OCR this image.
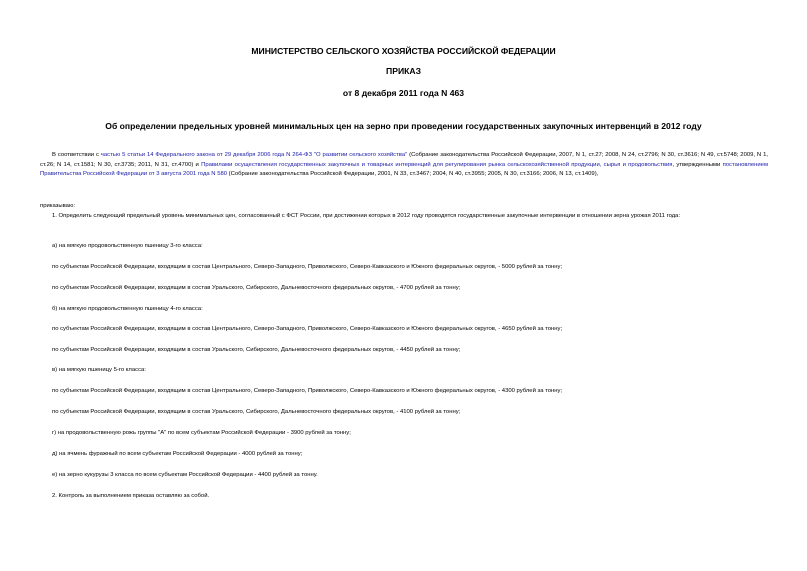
МИНИСТЕРСТВО СЕЛЬСКОГО ХОЗЯЙСТВА РОССИЙСКОЙ ФЕДЕРАЦИИ
ПРИКАЗ
от 8 декабря 2011 года N 463
Об определении предельных уровней минимальных цен на зерно при проведении государственных закупочных интервенций в 2012 году
В соответствии с частью 5 статьи 14 Федерального закона от 29 декабря 2006 года N 264-ФЗ "О развитии сельского хозяйства" (Собрание законодательства Российской Федерации, 2007, N 1, ст.27; 2008, N 24, ст.2796; N 30, ст.3616; N 49, ст.5748; 2009, N 1, ст.26; N 14, ст.1581; N 30, ст.3735; 2011, N 31, ст.4700) и Правилами осуществления государственных закупочных и товарных интервенций для регулирования рынка сельскохозяйственной продукции, сырья и продовольствия, утвержденными постановлением Правительства Российской Федерации от 3 августа 2001 года N 580 (Собрание законодательства Российской Федерации, 2001, N 33, ст.3467; 2004, N 40, ст.3955; 2005, N 30, ст.3166; 2006, N 13, ст.1409),
приказываю:
1. Определить следующий предельный уровень минимальных цен, согласованный с ФСТ России, при достижении которых в 2012 году проводятся государственные закупочные интервенции в отношении зерна урожая 2011 года:
а) на мягкую продовольственную пшеницу 3-го класса:
по субъектам Российской Федерации, входящим в состав Центрального, Северо-Западного, Приволжского, Северо-Кавказского и Южного федеральных округов, - 5000 рублей за тонну;
по субъектам Российской Федерации, входящим в состав Уральского, Сибирского, Дальневосточного федеральных округов, - 4700 рублей за тонну;
б) на мягкую продовольственную пшеницу 4-го класса:
по субъектам Российской Федерации, входящим в состав Центрального, Северо-Западного, Приволжского, Северо-Кавказского и Южного федеральных округов, - 4650 рублей за тонну;
по субъектам Российской Федерации, входящим в состав Уральского, Сибирского, Дальневосточного федеральных округов, - 4450 рублей за тонну;
в) на мягкую пшеницу 5-го класса:
по субъектам Российской Федерации, входящим в состав Центрального, Северо-Западного, Приволжского, Северо-Кавказского и Южного федеральных округов, - 4300 рублей за тонну;
по субъектам Российской Федерации, входящим в состав Уральского, Сибирского, Дальневосточного федеральных округов, - 4100 рублей за тонну;
г) на продовольственную рожь группы "А" по всем субъектам Российской Федерации - 3900 рублей за тонну;
д) на ячмень фуражный по всем субъектам Российской Федерации - 4000 рублей за тонну;
е) на зерно кукурузы 3 класса по всем субъектам Российской Федерации - 4400 рублей за тонну.
2. Контроль за выполнением приказа оставляю за собой.
